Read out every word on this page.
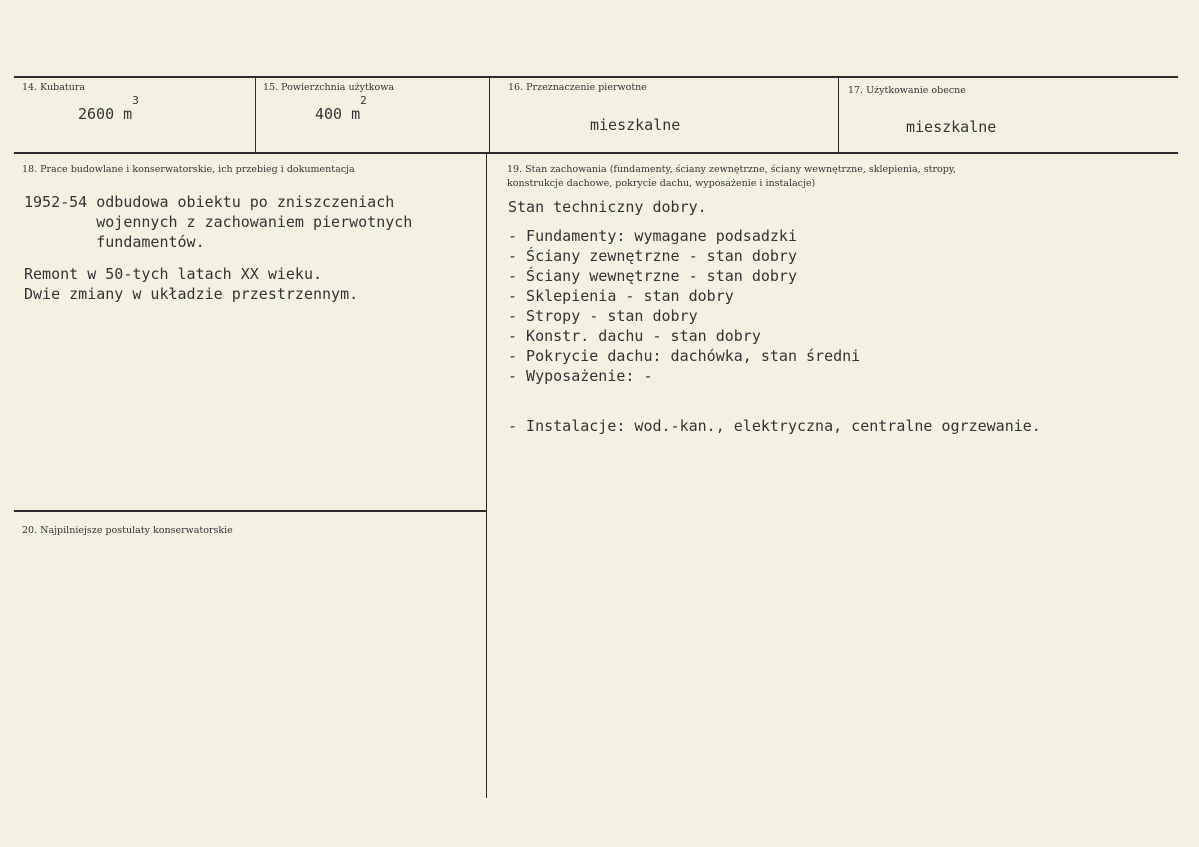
14. Kubatura
2600 $m^3$
15. Powierzchnia użytkowa
400 $m^2$
16. Przeznaczenie pierwotne
mieszkalne
17. Użytkowanie obecne
mieszkalne
18. Prace budowlane i konserwatorskie, ich przebieg i dokumentacja
1952-54 odbudowa obiektu po zniszczeniach
wojennych z zachowaniem pierwotnych
fundamentów.
Remont w 50-tych latach XX wieku.
Dwie zmiany w układzie przestrzennym.
19. Stan zachowania (fundamenty, ściany zewnętrzne, ściany wewnętrzne, sklepienia, stropy,
konstrukcje dachowe, pokrycie dachu, wyposażenie i instalacje)
Stan techniczny dobry.
- Fundamenty: wymagane podsadzki
- Ściany zewnętrzne - stan dobry
- Ściany wewnętrzne - stan dobry
- Sklepienia - stan dobry
- Stropy - stan dobry
- Konstr. dachu - stan dobry
- Pokrycie dachu: dachówka, stan średni
- Wyposażenie: -
- Instalacje: wod.-kan., elektryczna, centralne ogrzewanie.
20. Najpilniejsze postulaty konserwatorskie
